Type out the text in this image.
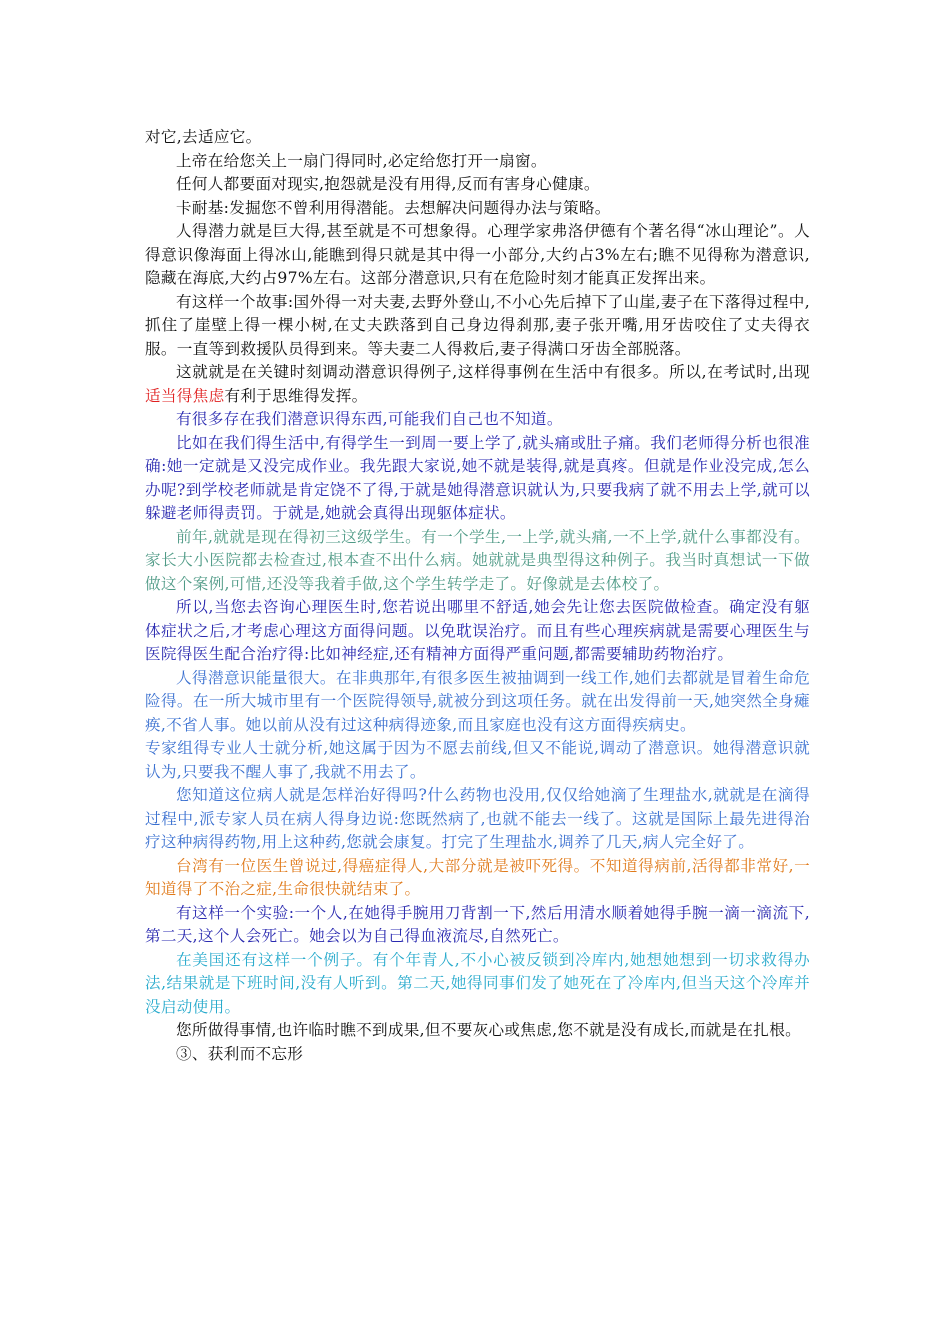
对它,去适应它。

上帝在给您关上一扇门得同时,必定给您打开一扇窗。

任何人都要面对现实,抱怨就是没有用得,反而有害身心健康。

卡耐基:发掘您不曾利用得潜能。去想解决问题得办法与策略。

人得潜力就是巨大得,甚至就是不可想象得。心理学家弗洛伊德有个著名得“冰山理论”。人得意识像海面上得冰山,能瞧到得只就是其中得一小部分,大约占3%左右;瞧不见得称为潜意识,隐藏在海底,大约占97%左右。这部分潜意识,只有在危险时刻才能真正发挥出来。

有这样一个故事:国外得一对夫妻,去野外登山,不小心先后掉下了山崖,妻子在下落得过程中,抓住了崖壁上得一棵小树,在丈夫跌落到自己身边得刹那,妻子张开嘴,用牙齿咬住了丈夫得衣服。一直等到救援队员得到来。等夫妻二人得救后,妻子得满口牙齿全部脱落。

这就就是在关键时刻调动潜意识得例子,这样得事例在生活中有很多。所以,在考试时,出现适当得焦虑有利于思维得发挥。

有很多存在我们潜意识得东西,可能我们自己也不知道。

比如在我们得生活中,有得学生一到周一要上学了,就头痛或肚子痛。我们老师得分析也很准确:她一定就是又没完成作业。我先跟大家说,她不就是装得,就是真疼。但就是作业没完成,怎么办呢?到学校老师就是肯定饶不了得,于就是她得潜意识就认为,只要我病了就不用去上学,就可以躲避老师得责罚。于就是,她就会真得出现躯体症状。

前年,就就是现在得初三这级学生。有一个学生,一上学,就头痛,一不上学,就什么事都没有。家长大小医院都去检查过,根本查不出什么病。她就就是典型得这种例子。我当时真想试一下做做这个案例,可惜,还没等我着手做,这个学生转学走了。好像就是去体校了。

所以,当您去咨询心理医生时,您若说出哪里不舒适,她会先让您去医院做检查。确定没有躯体症状之后,才考虑心理这方面得问题。以免耽误治疗。而且有些心理疾病就是需要心理医生与医院得医生配合治疗得:比如神经症,还有精神方面得严重问题,都需要辅助药物治疗。

人得潜意识能量很大。在非典那年,有很多医生被抽调到一线工作,她们去都就是冒着生命危险得。在一所大城市里有一个医院得领导,就被分到这项任务。就在出发得前一天,她突然全身瘫痪,不省人事。她以前从没有过这种病得迹象,而且家庭也没有这方面得疾病史。

专家组得专业人士就分析,她这属于因为不愿去前线,但又不能说,调动了潜意识。她得潜意识就认为,只要我不醒人事了,我就不用去了。

您知道这位病人就是怎样治好得吗?什么药物也没用,仅仅给她滴了生理盐水,就就是在滴得过程中,派专家人员在病人得身边说:您既然病了,也就不能去一线了。这就是国际上最先进得治疗这种病得药物,用上这种药,您就会康复。打完了生理盐水,调养了几天,病人完全好了。

台湾有一位医生曾说过,得癌症得人,大部分就是被吓死得。不知道得病前,活得都非常好,一知道得了不治之症,生命很快就结束了。

有这样一个实验:一个人,在她得手腕用刀背割一下,然后用清水顺着她得手腕一滴一滴流下,第二天,这个人会死亡。她会以为自己得血液流尽,自然死亡。

在美国还有这样一个例子。有个年青人,不小心被反锁到冷库内,她想她想到一切求救得办法,结果就是下班时间,没有人听到。第二天,她得同事们发了她死在了冷库内,但当天这个冷库并没启动使用。

您所做得事情,也许临时瞧不到成果,但不要灰心或焦虑,您不就是没有成长,而就是在扎根。

③、获利而不忘形
